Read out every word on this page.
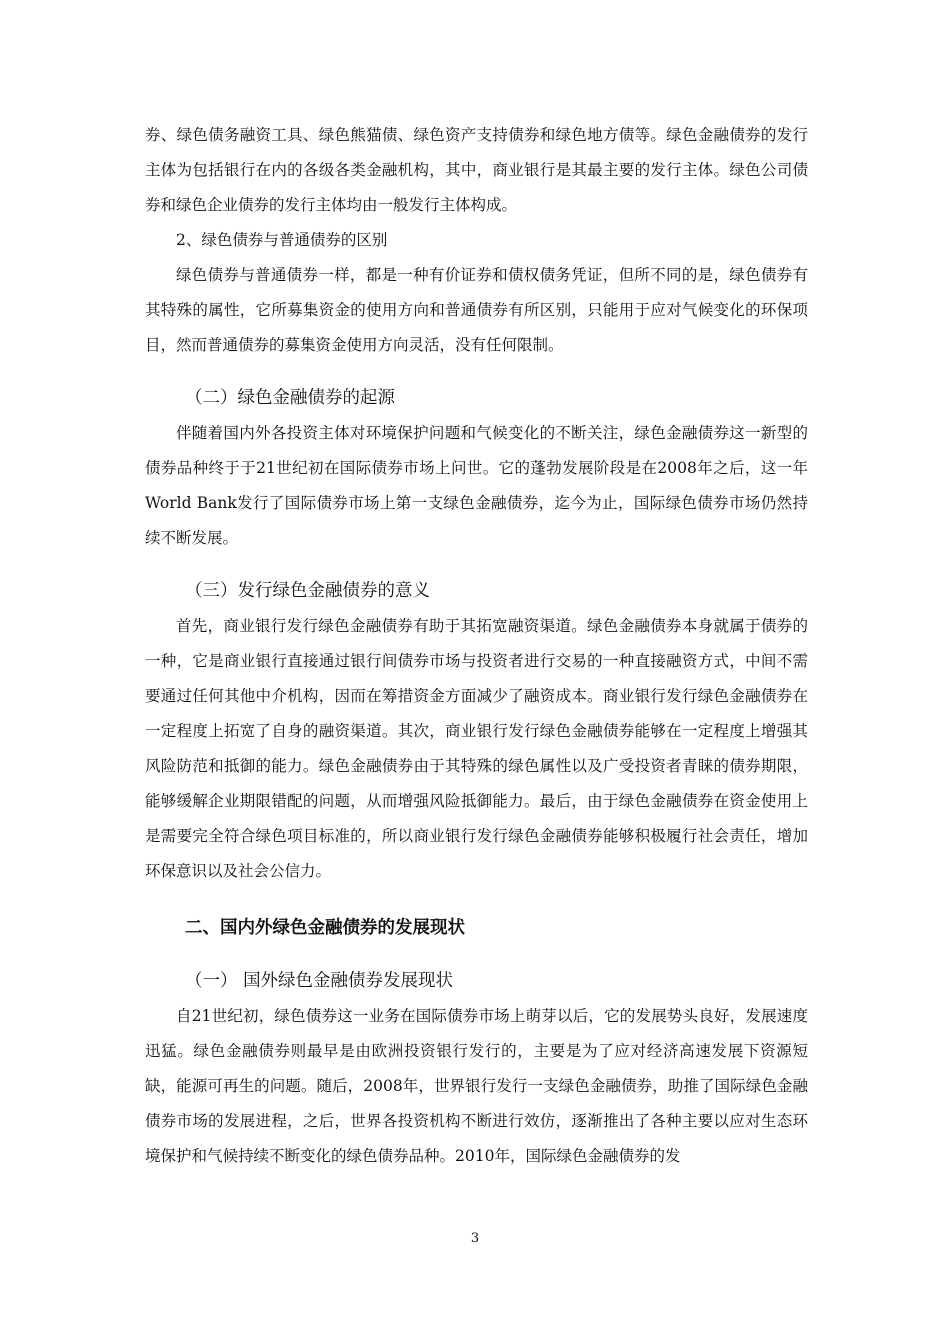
券、绿色债务融资工具、绿色熊猫债、绿色资产支持债券和绿色地方债等。绿色金融债券的发行主体为包括银行在内的各级各类金融机构，其中，商业银行是其最主要的发行主体。绿色公司债券和绿色企业债券的发行主体均由一般发行主体构成。

2、绿色债券与普通债券的区别

绿色债券与普通债券一样，都是一种有价证券和债权债务凭证，但所不同的是，绿色债券有其特殊的属性，它所募集资金的使用方向和普通债券有所区别，只能用于应对气候变化的环保项目，然而普通债券的募集资金使用方向灵活，没有任何限制。

（二）绿色金融债券的起源

伴随着国内外各投资主体对环境保护问题和气候变化的不断关注，绿色金融债券这一新型的债券品种终于于21世纪初在国际债券市场上问世。它的蓬勃发展阶段是在2008年之后，这一年World Bank发行了国际债券市场上第一支绿色金融债券，迄今为止，国际绿色债券市场仍然持续不断发展。

（三）发行绿色金融债券的意义

首先，商业银行发行绿色金融债券有助于其拓宽融资渠道。绿色金融债券本身就属于债券的一种，它是商业银行直接通过银行间债券市场与投资者进行交易的一种直接融资方式，中间不需要通过任何其他中介机构，因而在筹措资金方面减少了融资成本。商业银行发行绿色金融债券在一定程度上拓宽了自身的融资渠道。其次，商业银行发行绿色金融债券能够在一定程度上增强其风险防范和抵御的能力。绿色金融债券由于其特殊的绿色属性以及广受投资者青睐的债券期限，能够缓解企业期限错配的问题，从而增强风险抵御能力。最后，由于绿色金融债券在资金使用上是需要完全符合绿色项目标准的，所以商业银行发行绿色金融债券能够积极履行社会责任，增加环保意识以及社会公信力。

二、国内外绿色金融债券的发展现状

（一） 国外绿色金融债券发展现状

自21世纪初，绿色债券这一业务在国际债券市场上萌芽以后，它的发展势头良好，发展速度迅猛。绿色金融债券则最早是由欧洲投资银行发行的，主要是为了应对经济高速发展下资源短缺，能源可再生的问题。随后，2008年，世界银行发行一支绿色金融债券，助推了国际绿色金融债券市场的发展进程，之后，世界各投资机构不断进行效仿，逐渐推出了各种主要以应对生态环境保护和气候持续不断变化的绿色债券品种。2010年，国际绿色金融债券的发

3
